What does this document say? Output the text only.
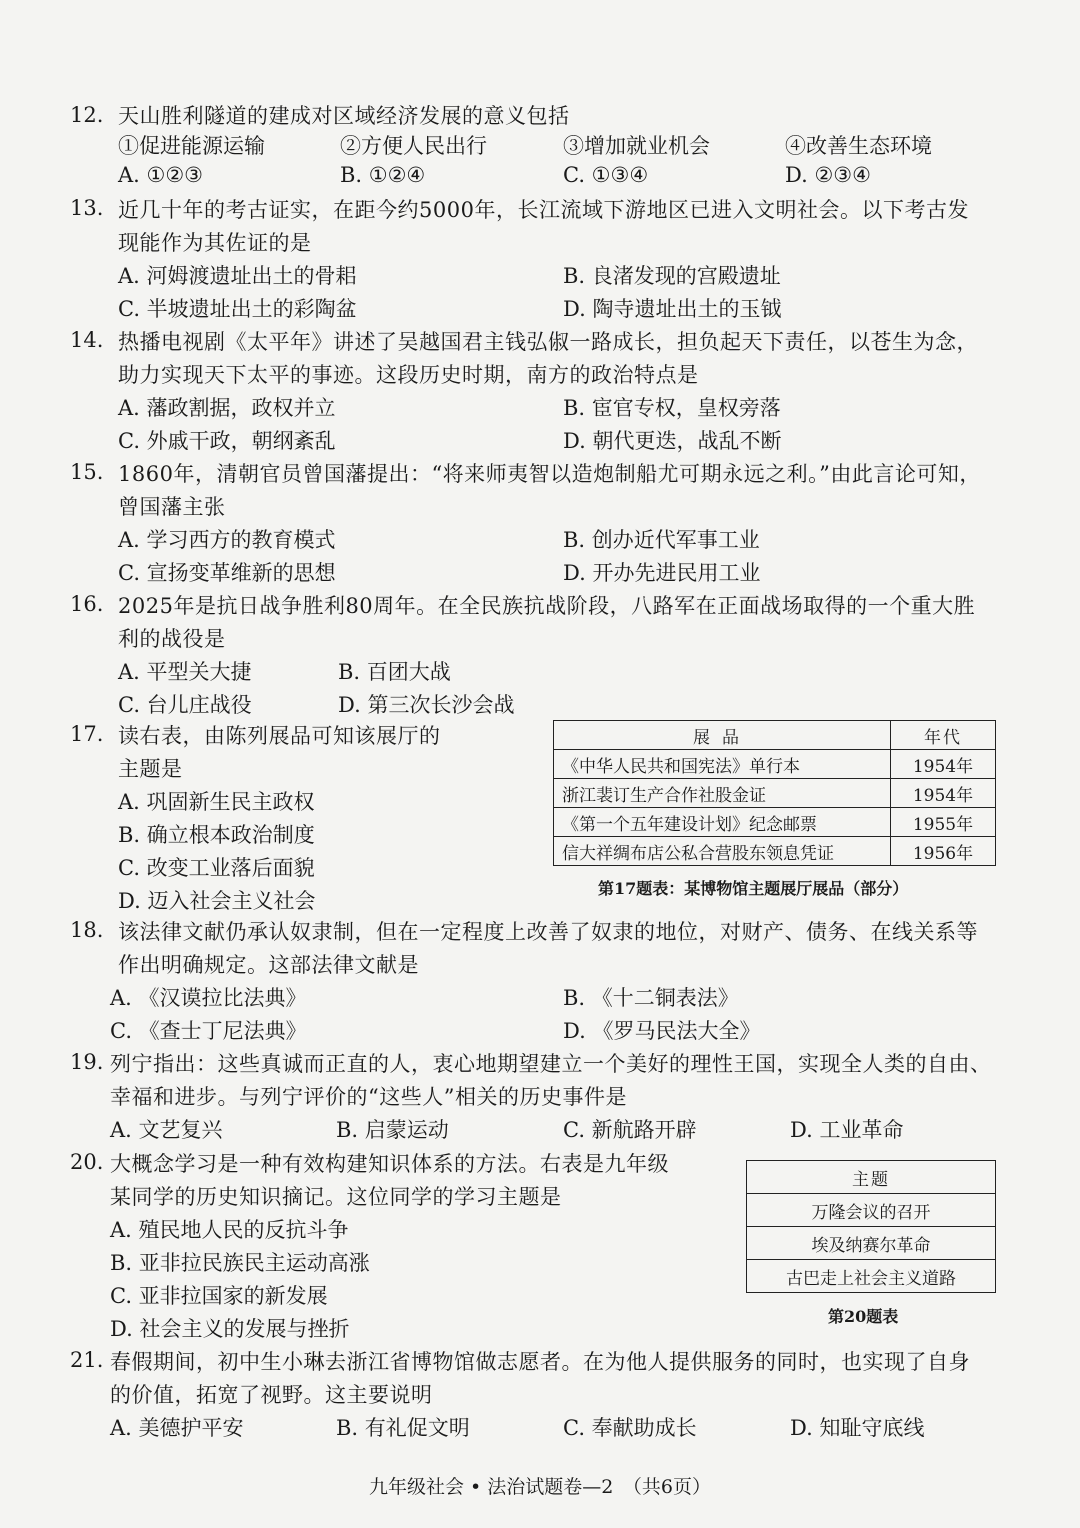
12. 天山胜利隧道的建成对区域经济发展的意义包括
①促进能源运输	②方便人民出行	③增加就业机会	④改善生态环境
A. ①②③	B. ①②④	C. ①③④	D. ②③④
13. 近几十年的考古证实，在距今约5000年，长江流域下游地区已进入文明社会。以下考古发
现能作为其佐证的是
A. 河姆渡遗址出土的骨耜	B. 良渚发现的宫殿遗址
C. 半坡遗址出土的彩陶盆	D. 陶寺遗址出土的玉钺
14. 热播电视剧《太平年》讲述了吴越国君主钱弘俶一路成长，担负起天下责任，以苍生为念，
助力实现天下太平的事迹。这段历史时期，南方的政治特点是
A. 藩政割据，政权并立	B. 宦官专权，皇权旁落
C. 外戚干政，朝纲紊乱	D. 朝代更迭，战乱不断
15. 1860年，清朝官员曾国藩提出：“将来师夷智以造炮制船尤可期永远之利。”由此言论可知，
曾国藩主张
A. 学习西方的教育模式	B. 创办近代军事工业
C. 宣扬变革维新的思想	D. 开办先进民用工业
16. 2025年是抗日战争胜利80周年。在全民族抗战阶段，八路军在正面战场取得的一个重大胜
利的战役是
A. 平型关大捷	B. 百团大战
C. 台儿庄战役	D. 第三次长沙会战
17. 读右表，由陈列展品可知该展厅的
主题是
A. 巩固新生民主政权
B. 确立根本政治制度
C. 改变工业落后面貌
D. 迈入社会主义社会
展品	年代
《中华人民共和国宪法》单行本	1954年
浙江裴订生产合作社股金证	1954年
《第一个五年建设计划》纪念邮票	1955年
信大祥绸布店公私合营股东领息凭证	1956年
第17题表：某博物馆主题展厅展品（部分）
18. 该法律文献仍承认奴隶制，但在一定程度上改善了奴隶的地位，对财产、债务、在线关系等
作出明确规定。这部法律文献是
A. 《汉谟拉比法典》	B. 《十二铜表法》
C. 《查士丁尼法典》	D. 《罗马民法大全》
19. 列宁指出：这些真诚而正直的人，衷心地期望建立一个美好的理性王国，实现全人类的自由、
幸福和进步。与列宁评价的“这些人”相关的历史事件是
A. 文艺复兴	B. 启蒙运动	C. 新航路开辟	D. 工业革命
20. 大概念学习是一种有效构建知识体系的方法。右表是九年级
某同学的历史知识摘记。这位同学的学习主题是
A. 殖民地人民的反抗斗争
B. 亚非拉民族民主运动高涨
C. 亚非拉国家的新发展
D. 社会主义的发展与挫折
主题
万隆会议的召开
埃及纳赛尔革命
古巴走上社会主义道路
第20题表
21. 春假期间，初中生小琳去浙江省博物馆做志愿者。在为他人提供服务的同时，也实现了自身
的价值，拓宽了视野。这主要说明
A. 美德护平安	B. 有礼促文明	C. 奉献助成长	D. 知耻守底线
九年级社会 • 法治试题卷—2　（共6页）
